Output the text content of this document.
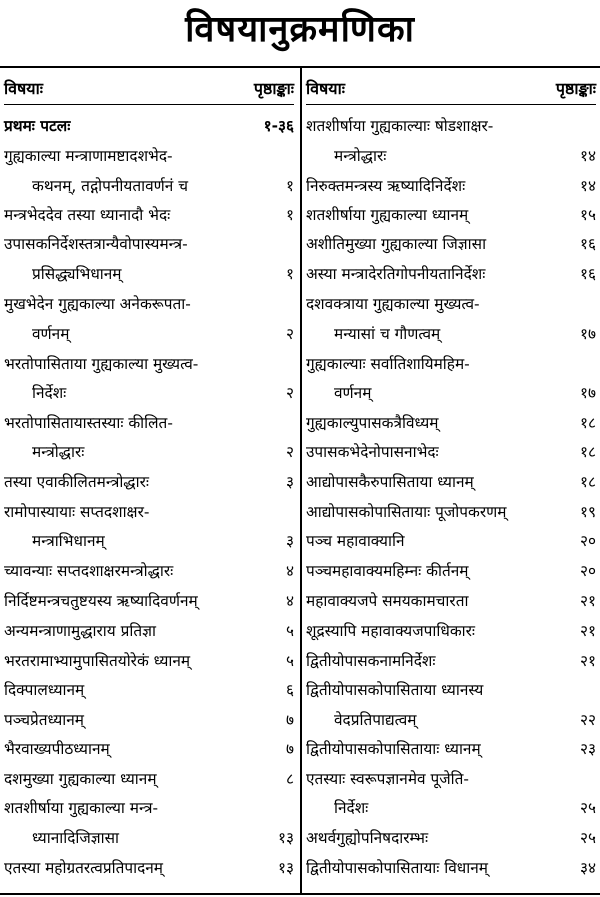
विषयानुक्रमणिका
विषयाः	पृष्ठाङ्काः
प्रथमः पटलः	१-३६
गुह्यकाल्या मन्त्राणामष्टादशभेद-
कथनम्, तद्गोपनीयतावर्णनं च	१
मन्त्रभेददेव तस्या ध्यानादौ भेदः	१
उपासकनिर्देशस्तत्रान्यैवोपास्यमन्त्र-
प्रसिद्ध्यभिधानम्	१
मुखभेदेन गुह्यकाल्या अनेकरूपता-
वर्णनम्	२
भरतोपासिताया गुह्यकाल्या मुख्यत्व-
निर्देशः	२
भरतोपासितायास्तस्याः कीलित-
मन्त्रोद्धारः	२
तस्या एवाकीलितमन्त्रोद्धारः	३
रामोपास्यायाः सप्तदशाक्षर-
मन्त्राभिधानम्	३
च्यावन्याः सप्तदशाक्षरमन्त्रोद्धारः	४
निर्दिष्टमन्त्रचतुष्टयस्य ऋष्यादिवर्णनम्	४
अन्यमन्त्राणामुद्धाराय प्रतिज्ञा	५
भरतरामाभ्यामुपासितयोरेकं ध्यानम्	५
दिक्पालध्यानम्	६
पञ्चप्रेतध्यानम्	७
भैरवाख्यपीठध्यानम्	७
दशमुख्या गुह्यकाल्या ध्यानम्	८
शतशीर्षाया गुह्यकाल्या मन्त्र-
ध्यानादिजिज्ञासा	१३
एतस्या महोग्रतरत्वप्रतिपादनम्	१३
विषयाः	पृष्ठाङ्काः
शतशीर्षाया गुह्यकाल्याः षोडशाक्षर-
मन्त्रोद्धारः	१४
निरुक्तमन्त्रस्य ऋष्यादिनिर्देशः	१४
शतशीर्षाया गुह्यकाल्या ध्यानम्	१५
अशीतिमुख्या गुह्यकाल्या जिज्ञासा	१६
अस्या मन्त्रादेरतिगोपनीयतानिर्देशः	१६
दशवक्त्राया गुह्यकाल्या मुख्यत्व-
मन्यासां च गौणत्वम्	१७
गुह्यकाल्याः सर्वातिशायिमहिम-
वर्णनम्	१७
गुह्यकाल्युपासकत्रैविध्यम्	१८
उपासकभेदेनोपासनाभेदः	१८
आद्योपासकैरुपासिताया ध्यानम्	१८
आद्योपासकोपासितायाः पूजोपकरणम्	१९
पञ्च महावाक्यानि	२०
पञ्चमहावाक्यमहिम्नः कीर्तनम्	२०
महावाक्यजपे समयकामचारता	२१
शूद्रस्यापि महावाक्यजपाधिकारः	२१
द्वितीयोपासकनामनिर्देशः	२१
द्वितीयोपासकोपासिताया ध्यानस्य
वेदप्रतिपाद्यत्वम्	२२
द्वितीयोपासकोपासितायाः ध्यानम्	२३
एतस्याः स्वरूपज्ञानमेव पूजेति-
निर्देशः	२५
अथर्वगुह्योपनिषदारम्भः	२५
द्वितीयोपासकोपासितायाः विधानम्	३४
